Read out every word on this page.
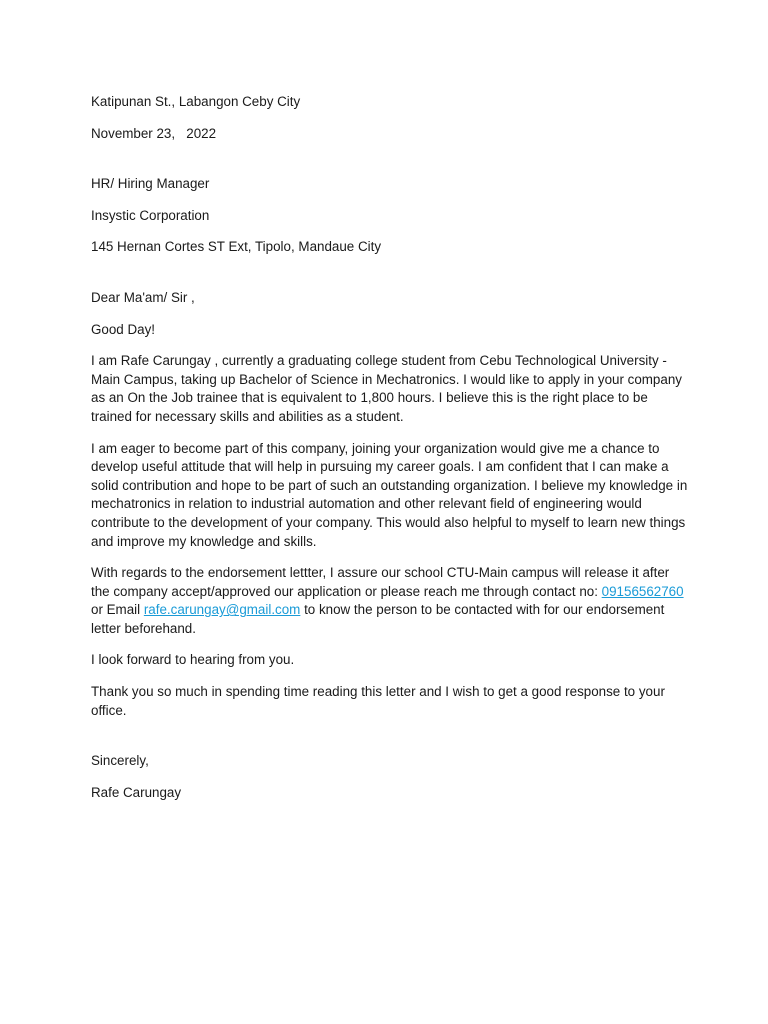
Katipunan St., Labangon Ceby City

November 23,   2022

HR/ Hiring Manager

Insystic Corporation

145 Hernan Cortes ST Ext, Tipolo, Mandaue City

Dear Ma'am/ Sir ,

Good Day!

I am Rafe Carungay , currently a graduating college student from Cebu Technological University - Main Campus, taking up Bachelor of Science in Mechatronics. I would like to apply in your company as an On the Job trainee that is equivalent to 1,800 hours. I believe this is the right place to be trained for necessary skills and abilities as a student.

I am eager to become part of this company, joining your organization would give me a chance to develop useful attitude that will help in pursuing my career goals. I am confident that I can make a solid contribution and hope to be part of such an outstanding organization. I believe my knowledge in mechatronics in relation to industrial automation and other relevant field of engineering would contribute to the development of your company. This would also helpful to myself to learn new things and improve my knowledge and skills.

With regards to the endorsement lettter, I assure our school CTU-Main campus will release it after the company accept/approved our application or please reach me through contact no: 09156562760 or Email rafe.carungay@gmail.com to know the person to be contacted with for our endorsement letter beforehand.

I look forward to hearing from you.

Thank you so much in spending time reading this letter and I wish to get a good response to your office.

Sincerely,

Rafe Carungay
